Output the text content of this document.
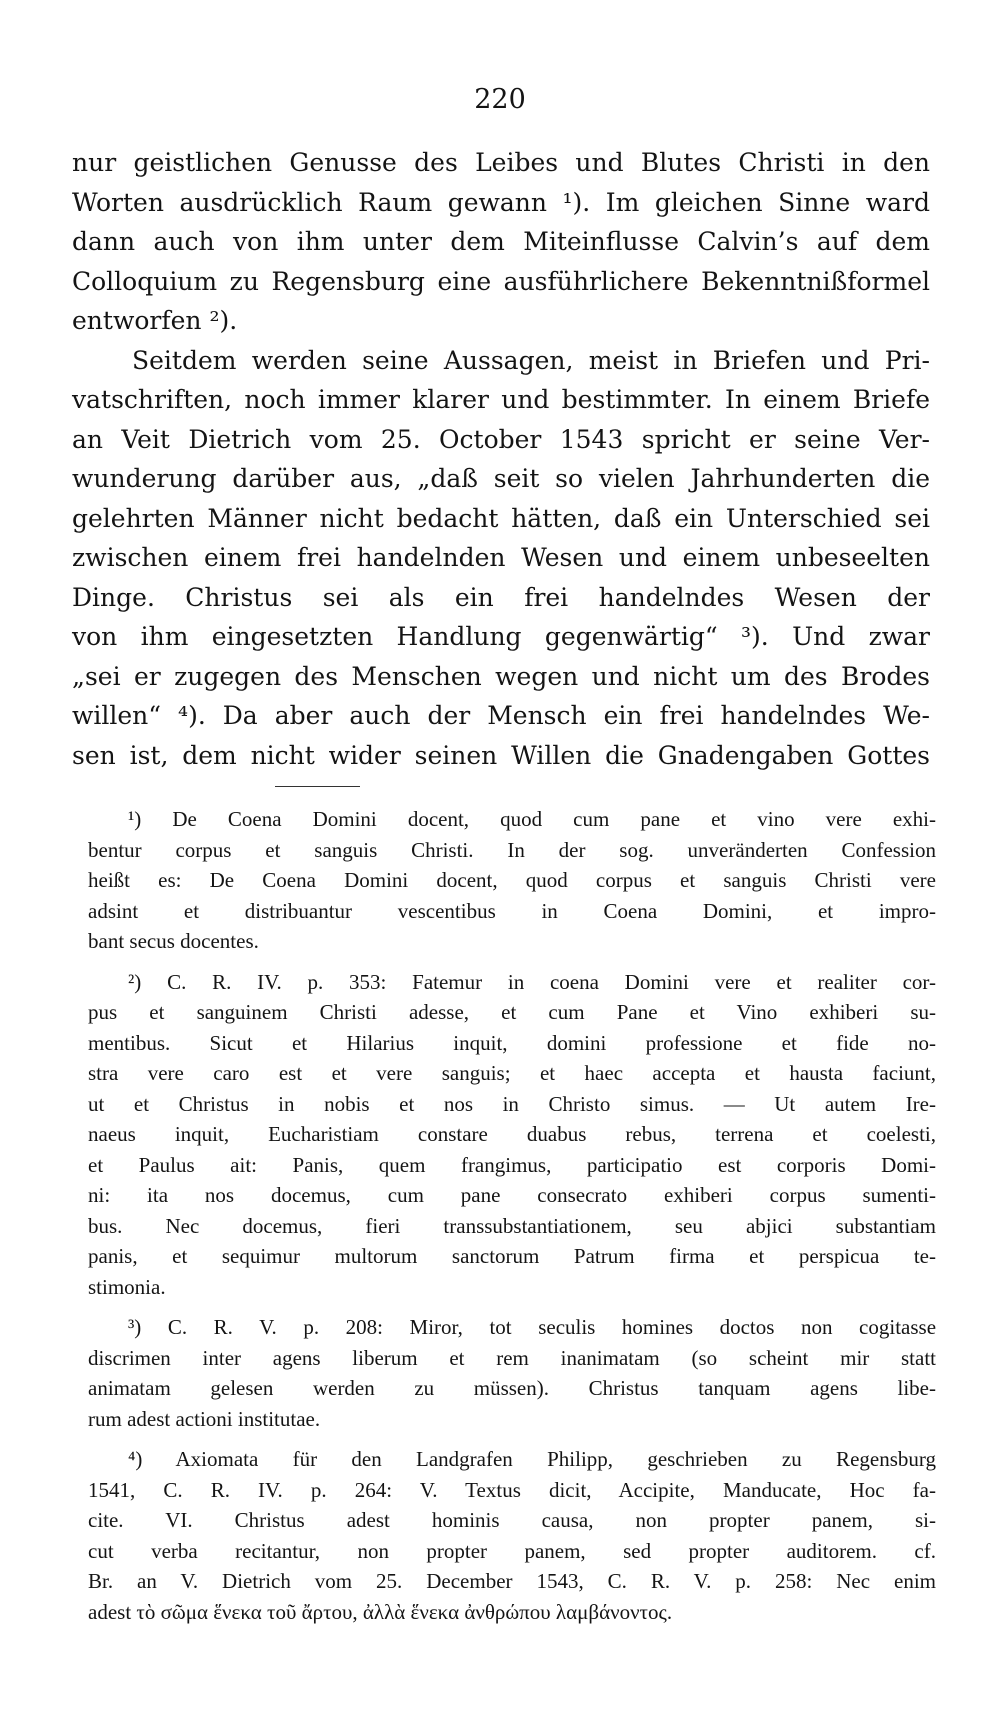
220
nur geistlichen Genusse des Leibes und Blutes Christi in den
Worten ausdrücklich Raum gewann ¹). Im gleichen Sinne ward
dann auch von ihm unter dem Miteinflusse Calvin’s auf dem
Colloquium zu Regensburg eine ausführlichere Bekenntnißformel
entworfen ²).
Seitdem werden seine Aussagen, meist in Briefen und Pri-
vatschriften, noch immer klarer und bestimmter. In einem Briefe
an Veit Dietrich vom 25. October 1543 spricht er seine Ver-
wunderung darüber aus, „daß seit so vielen Jahrhunderten die
gelehrten Männer nicht bedacht hätten, daß ein Unterschied sei
zwischen einem frei handelnden Wesen und einem unbeseelten
Dinge. Christus sei als ein frei handelndes Wesen der
von ihm eingesetzten Handlung gegenwärtig“ ³). Und zwar
„sei er zugegen des Menschen wegen und nicht um des Brodes
willen“ ⁴). Da aber auch der Mensch ein frei handelndes We-
sen ist, dem nicht wider seinen Willen die Gnadengaben Gottes
¹) De Coena Domini docent, quod cum pane et vino vere exhi-
bentur corpus et sanguis Christi. In der sog. unveränderten Confession
heißt es: De Coena Domini docent, quod corpus et sanguis Christi vere
adsint et distribuantur vescentibus in Coena Domini, et impro-
bant secus docentes.
²) C. R. IV. p. 353: Fatemur in coena Domini vere et realiter cor-
pus et sanguinem Christi adesse, et cum Pane et Vino exhiberi su-
mentibus. Sicut et Hilarius inquit, domini professione et fide no-
stra vere caro est et vere sanguis; et haec accepta et hausta faciunt,
ut et Christus in nobis et nos in Christo simus. — Ut autem Ire-
naeus inquit, Eucharistiam constare duabus rebus, terrena et coelesti,
et Paulus ait: Panis, quem frangimus, participatio est corporis Domi-
ni: ita nos docemus, cum pane consecrato exhiberi corpus sumenti-
bus. Nec docemus, fieri transsubstantiationem, seu abjici substantiam
panis, et sequimur multorum sanctorum Patrum firma et perspicua te-
stimonia.
³) C. R. V. p. 208: Miror, tot seculis homines doctos non cogitasse
discrimen inter agens liberum et rem inanimatam (so scheint mir statt
animatam gelesen werden zu müssen). Christus tanquam agens libe-
rum adest actioni institutae.
⁴) Axiomata für den Landgrafen Philipp, geschrieben zu Regensburg
1541, C. R. IV. p. 264: V. Textus dicit, Accipite, Manducate, Hoc fa-
cite. VI. Christus adest hominis causa, non propter panem, si-
cut verba recitantur, non propter panem, sed propter auditorem. cf.
Br. an V. Dietrich vom 25. December 1543, C. R. V. p. 258: Nec enim
adest τὸ σῶμα ἕνεκα τοῦ ἄρτου, ἀλλὰ ἕνεκα ἀνθρώπου λαμβάνοντος.
